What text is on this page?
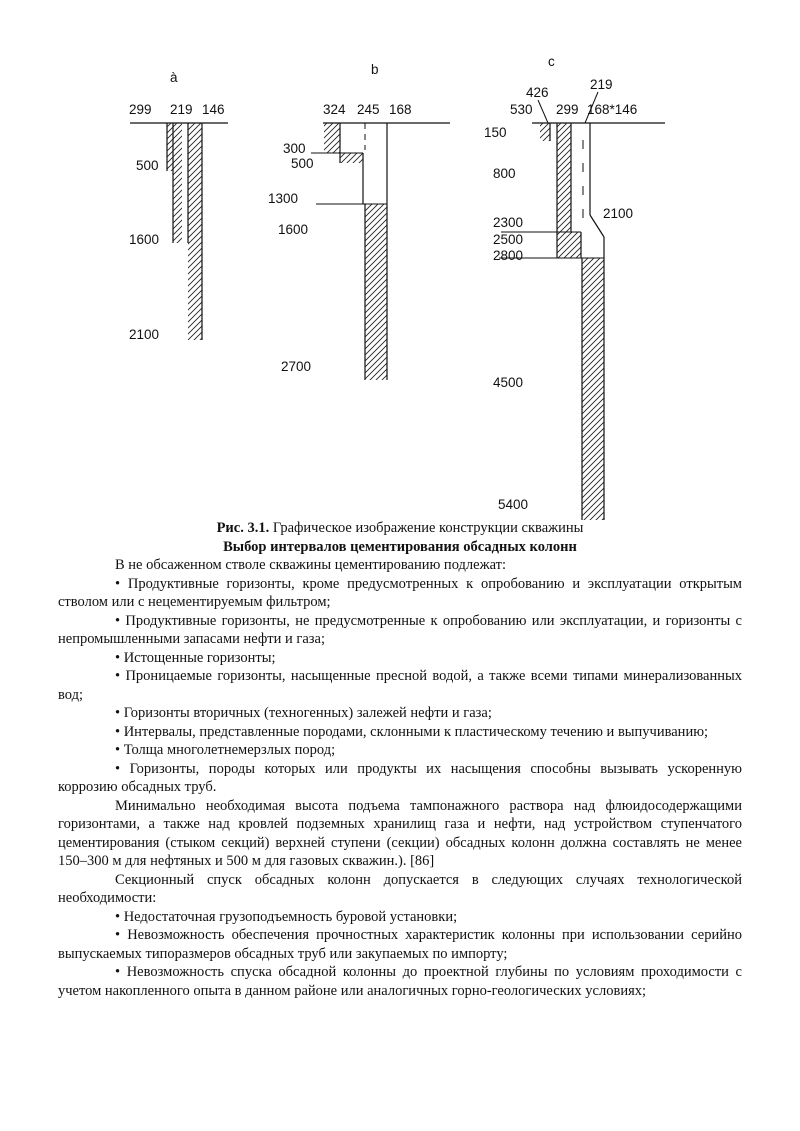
à
299 219 146
500
1600
2100
b
324 245 168
300
500
1300
1600
2700
c
426
219
530 299 168*146
150
800
2100
2300
2500
2800
4500
5400
Рис. 3.1. Графическое изображение конструкции скважины
Выбор интервалов цементирования обсадных колонн

В не обсаженном стволе скважины цементированию подлежат:

• Продуктивные горизонты, кроме предусмотренных к опробованию и эксплуатации открытым стволом или с нецементируемым фильтром;

• Продуктивные горизонты, не предусмотренные к опробованию или эксплуатации, и горизонты с непромышленными запасами нефти и газа;

• Истощенные горизонты;

• Проницаемые горизонты, насыщенные пресной водой, а также всеми типами минерализованных вод;

• Горизонты вторичных (техногенных) залежей нефти и газа;

• Интервалы, представленные породами, склонными к пластическому течению и выпучиванию;

• Толща многолетнемерзлых пород;

• Горизонты, породы которых или продукты их насыщения способны вызывать ускоренную коррозию обсадных труб.

Минимально необходимая высота подъема тампонажного раствора над флюидосодержащими горизонтами, а также над кровлей подземных хранилищ газа и нефти, над устройством ступенчатого цементирования (стыком секций) верхней ступени (секции) обсадных колонн должна составлять не менее 150–300 м для нефтяных и 500 м для газовых скважин.). [86]

Секционный спуск обсадных колонн допускается в следующих случаях технологической необходимости:

• Недостаточная грузоподъемность буровой установки;

• Невозможность обеспечения прочностных характеристик колонны при использовании серийно выпускаемых типоразмеров обсадных труб или закупаемых по импорту;

• Невозможность спуска обсадной колонны до проектной глубины по условиям проходимости с учетом накопленного опыта в данном районе или аналогичных горно-геологических условиях;
